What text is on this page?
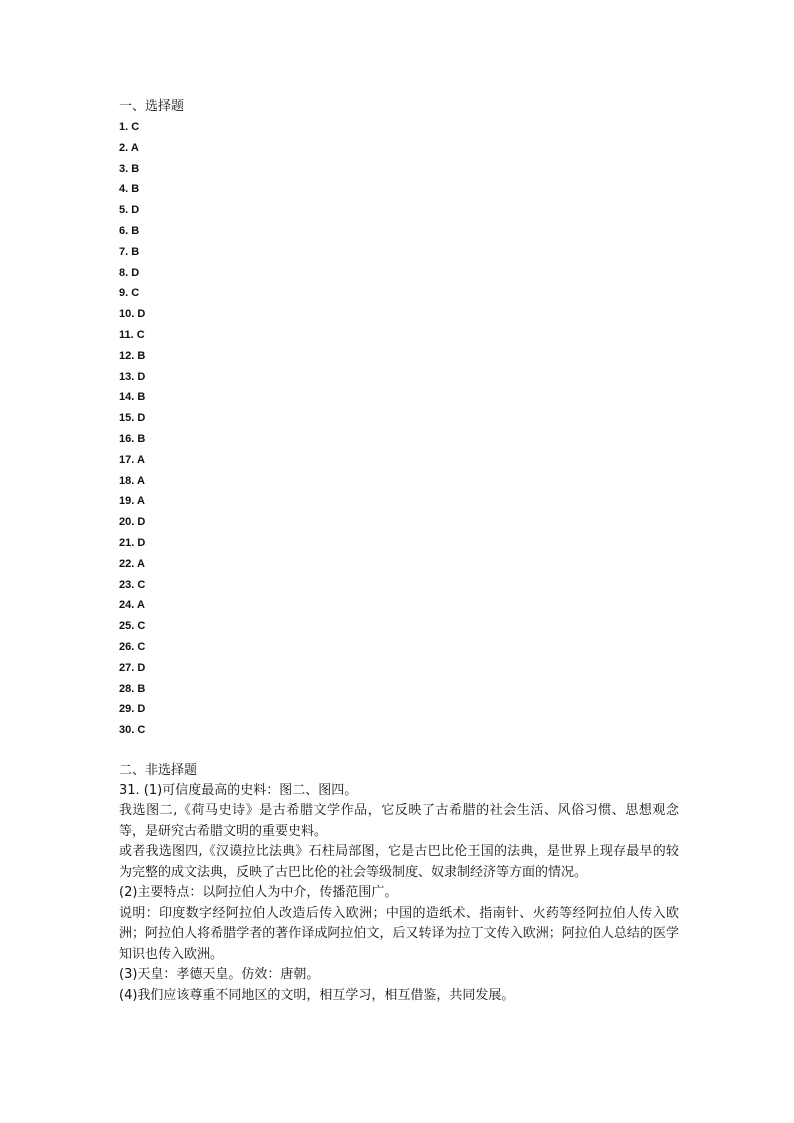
一、选择题
1. C
2. A
3. B
4. B
5. D
6. B
7. B
8. D
9. C
10. D
11. C
12. B
13. D
14. B
15. D
16. B
17. A
18. A
19. A
20. D
21. D
22. A
23. C
24. A
25. C
26. C
27. D
28. B
29. D
30. C
二、非选择题

31. (1)可信度最高的史料：图二、图四。

我选图二,《荷马史诗》是古希腊文学作品，它反映了古希腊的社会生活、风俗习惯、思想观念等，是研究古希腊文明的重要史料。

或者我选图四,《汉谟拉比法典》石柱局部图，它是古巴比伦王国的法典，是世界上现存最早的较为完整的成文法典，反映了古巴比伦的社会等级制度、奴隶制经济等方面的情况。

(2)主要特点：以阿拉伯人为中介，传播范围广。

说明：印度数字经阿拉伯人改造后传入欧洲；中国的造纸术、指南针、火药等经阿拉伯人传入欧洲；阿拉伯人将希腊学者的著作译成阿拉伯文，后又转译为拉丁文传入欧洲；阿拉伯人总结的医学知识也传入欧洲。

(3)天皇：孝德天皇。仿效：唐朝。

(4)我们应该尊重不同地区的文明，相互学习，相互借鉴，共同发展。
